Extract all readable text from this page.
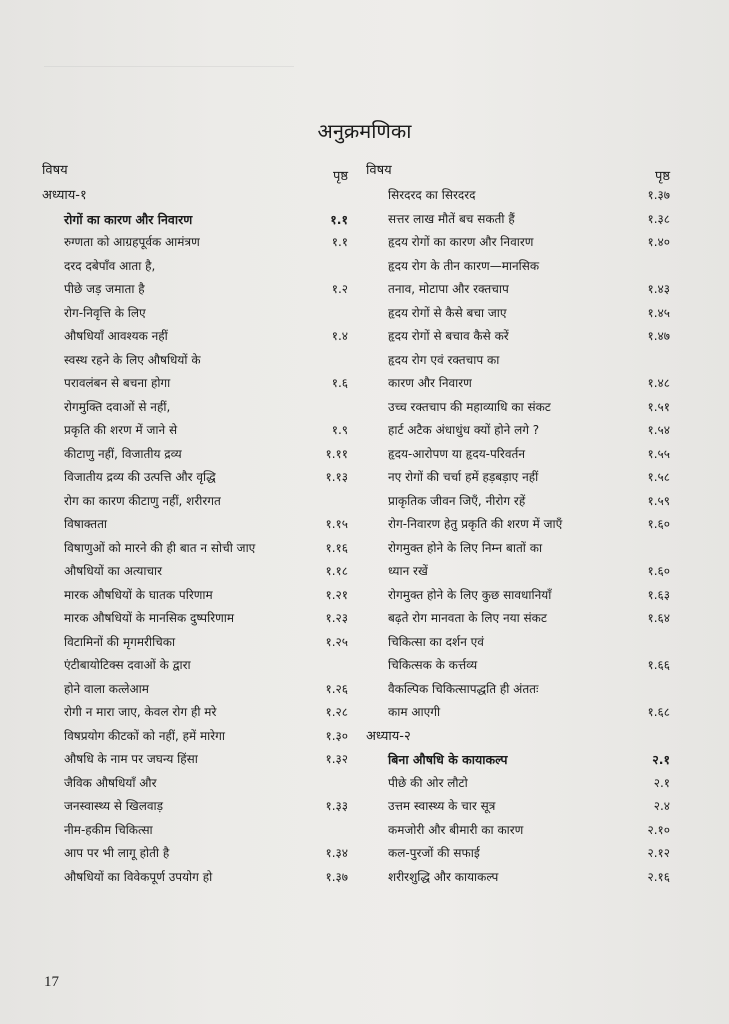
अनुक्रमणिका
विषय	पृष्ठ
अध्याय-१
रोगों का कारण और निवारण	१.१
रुग्णता को आग्रहपूर्वक आमंत्रण	१.१
दरद दबेपाँव आता है,
पीछे जड़ जमाता है	१.२
रोग-निवृत्ति के लिए
औषधियाँ आवश्यक नहीं	१.४
स्वस्थ रहने के लिए औषधियों के
परावलंबन से बचना होगा	१.६
रोगमुक्ति दवाओं से नहीं,
प्रकृति की शरण में जाने से	१.९
कीटाणु नहीं, विजातीय द्रव्य	१.११
विजातीय द्रव्य की उत्पत्ति और वृद्धि	१.१३
रोग का कारण कीटाणु नहीं, शरीरगत
विषाक्तता	१.१५
विषाणुओं को मारने की ही बात न सोची जाए	१.१६
औषधियों का अत्याचार	१.१८
मारक औषधियों के घातक परिणाम	१.२१
मारक औषधियों के मानसिक दुष्परिणाम	१.२३
विटामिनों की मृगमरीचिका	१.२५
एंटीबायोटिक्स दवाओं के द्वारा
होने वाला कत्लेआम	१.२६
रोगी न मारा जाए, केवल रोग ही मरे	१.२८
विषप्रयोग कीटकों को नहीं, हमें मारेगा	१.३०
औषधि के नाम पर जघन्य हिंसा	१.३२
जैविक औषधियाँ और
जनस्वास्थ्य से खिलवाड़	१.३३
नीम-हकीम चिकित्सा
आप पर भी लागू होती है	१.३४
औषधियों का विवेकपूर्ण उपयोग हो	१.३७
विषय	पृष्ठ
सिरदरद का सिरदरद	१.३७
सत्तर लाख मौतें बच सकती हैं	१.३८
हृदय रोगों का कारण और निवारण	१.४०
हृदय रोग के तीन कारण—मानसिक
तनाव, मोटापा और रक्तचाप	१.४३
हृदय रोगों से कैसे बचा जाए	१.४५
हृदय रोगों से बचाव कैसे करें	१.४७
हृदय रोग एवं रक्तचाप का
कारण और निवारण	१.४८
उच्च रक्तचाप की महाव्याधि का संकट	१.५१
हार्ट अटैक अंधाधुंध क्यों होने लगे ?	१.५४
हृदय-आरोपण या हृदय-परिवर्तन	१.५५
नए रोगों की चर्चा हमें हड़बड़ाए नहीं	१.५८
प्राकृतिक जीवन जिएँ, नीरोग रहें	१.५९
रोग-निवारण हेतु प्रकृति की शरण में जाएँ	१.६०
रोगमुक्त होने के लिए निम्न बातों का
ध्यान रखें	१.६०
रोगमुक्त होने के लिए कुछ सावधानियाँ	१.६३
बढ़ते रोग मानवता के लिए नया संकट	१.६४
चिकित्सा का दर्शन एवं
चिकित्सक के कर्त्तव्य	१.६६
वैकल्पिक चिकित्सापद्धति ही अंततः
काम आएगी	१.६८
अध्याय-२
बिना औषधि के कायाकल्प	२.१
पीछे की ओर लौटो	२.१
उत्तम स्वास्थ्य के चार सूत्र	२.४
कमजोरी और बीमारी का कारण	२.१०
कल-पुरजों की सफाई	२.१२
शरीरशुद्धि और कायाकल्प	२.१६
17
